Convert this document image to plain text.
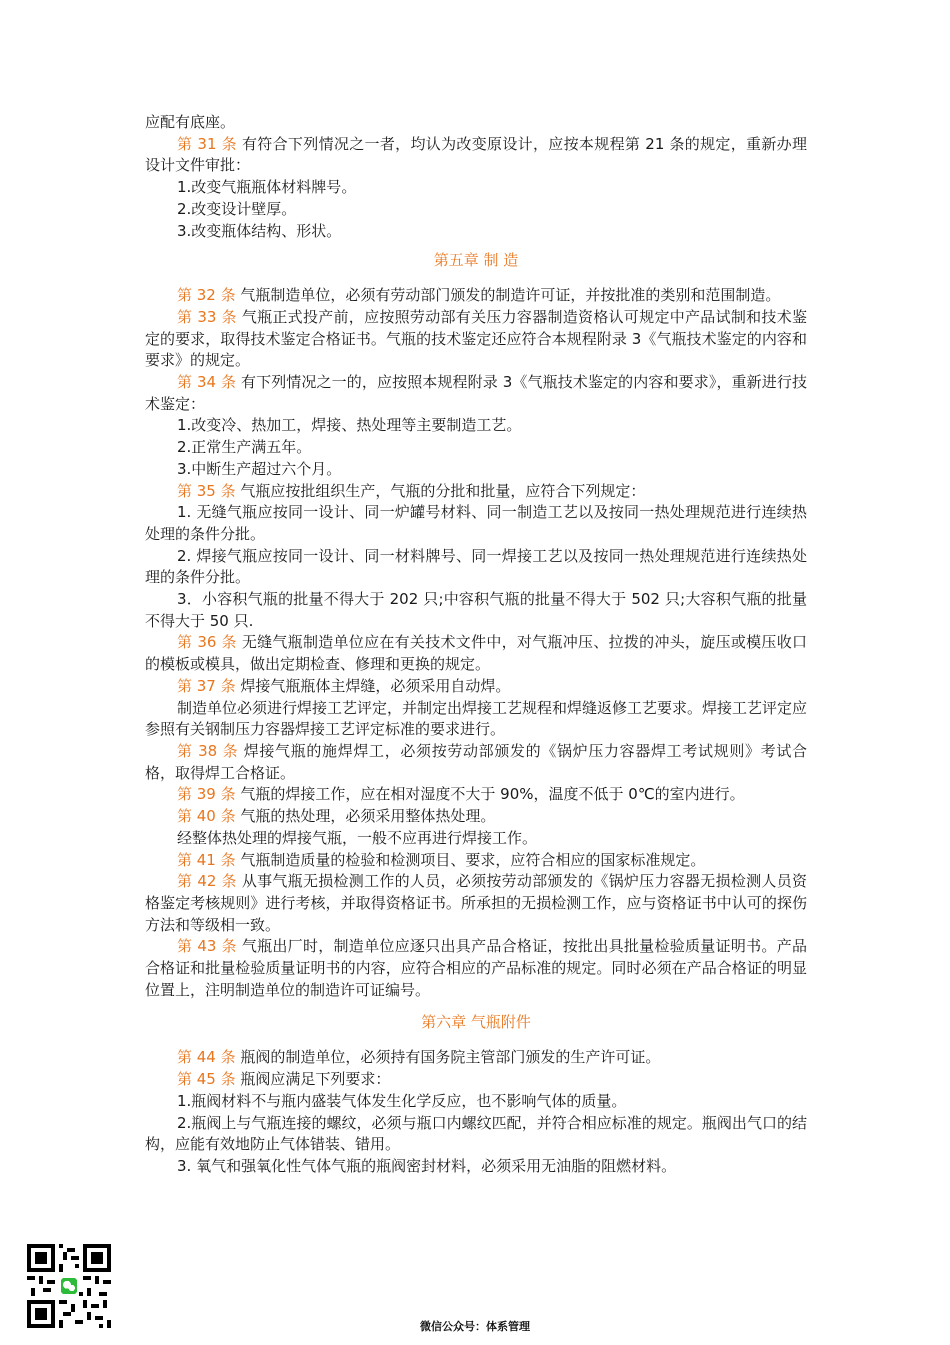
应配有底座。

第 31 条 有符合下列情况之一者，均认为改变原设计，应按本规程第 21 条的规定，重新办理设计文件审批：

1.改变气瓶瓶体材料牌号。

2.改变设计壁厚。

3.改变瓶体结构、形状。

第五章 制 造

第 32 条 气瓶制造单位，必须有劳动部门颁发的制造许可证，并按批准的类别和范围制造。

第 33 条 气瓶正式投产前，应按照劳动部有关压力容器制造资格认可规定中产品试制和技术鉴定的要求，取得技术鉴定合格证书。气瓶的技术鉴定还应符合本规程附录 3《气瓶技术鉴定的内容和要求》的规定。

第 34 条 有下列情况之一的，应按照本规程附录 3《气瓶技术鉴定的内容和要求》，重新进行技术鉴定：

1.改变冷、热加工，焊接、热处理等主要制造工艺。

2.正常生产满五年。

3.中断生产超过六个月。

第 35 条 气瓶应按批组织生产，气瓶的分批和批量，应符合下列规定：

1. 无缝气瓶应按同一设计、同一炉罐号材料、同一制造工艺以及按同一热处理规范进行连续热处理的条件分批。

2. 焊接气瓶应按同一设计、同一材料牌号、同一焊接工艺以及按同一热处理规范进行连续热处理的条件分批。

3．小容积气瓶的批量不得大于 202 只;中容积气瓶的批量不得大于 502 只;大容积气瓶的批量不得大于 50 只.

第 36 条 无缝气瓶制造单位应在有关技术文件中，对气瓶冲压、拉拨的冲头，旋压或模压收口的模板或模具，做出定期检查、修理和更换的规定。

第 37 条 焊接气瓶瓶体主焊缝，必须采用自动焊。

制造单位必须进行焊接工艺评定，并制定出焊接工艺规程和焊缝返修工艺要求。焊接工艺评定应参照有关钢制压力容器焊接工艺评定标准的要求进行。

第 38 条 焊接气瓶的施焊焊工，必须按劳动部颁发的《锅炉压力容器焊工考试规则》考试合格，取得焊工合格证。

第 39 条 气瓶的焊接工作，应在相对湿度不大于 90%，温度不低于 0℃的室内进行。

第 40 条 气瓶的热处理，必须采用整体热处理。

经整体热处理的焊接气瓶，一般不应再进行焊接工作。

第 41 条 气瓶制造质量的检验和检测项目、要求，应符合相应的国家标准规定。

第 42 条 从事气瓶无损检测工作的人员，必须按劳动部颁发的《锅炉压力容器无损检测人员资格鉴定考核规则》进行考核，并取得资格证书。所承担的无损检测工作，应与资格证书中认可的探伤方法和等级相一致。

第 43 条 气瓶出厂时，制造单位应逐只出具产品合格证，按批出具批量检验质量证明书。产品合格证和批量检验质量证明书的内容，应符合相应的产品标准的规定。同时必须在产品合格证的明显位置上，注明制造单位的制造许可证编号。

第六章 气瓶附件

第 44 条 瓶阀的制造单位，必须持有国务院主管部门颁发的生产许可证。

第 45 条 瓶阀应满足下列要求：

1.瓶阀材料不与瓶内盛装气体发生化学反应，也不影响气体的质量。

2.瓶阀上与气瓶连接的螺纹，必须与瓶口内螺纹匹配，并符合相应标准的规定。瓶阀出气口的结构，应能有效地防止气体错装、错用。

3. 氧气和强氧化性气体气瓶的瓶阀密封材料，必须采用无油脂的阻燃材料。

微信公众号：体系管理
